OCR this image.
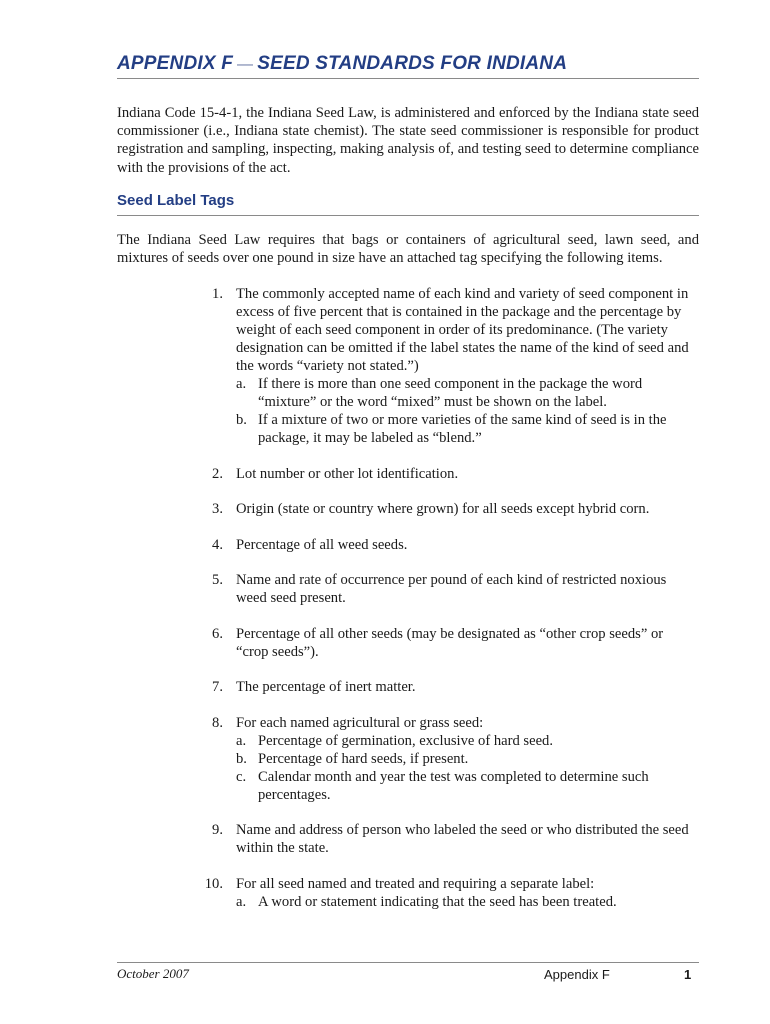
APPENDIX F — SEED STANDARDS FOR INDIANA

Indiana Code 15-4-1, the Indiana Seed Law, is administered and enforced by the Indiana state seed commissioner (i.e., Indiana state chemist). The state seed commissioner is responsible for product registration and sampling, inspecting, making analysis of, and testing seed to determine compliance with the provisions of the act.

Seed Label Tags

The Indiana Seed Law requires that bags or containers of agricultural seed, lawn seed, and mixtures of seeds over one pound in size have an attached tag specifying the following items.

1. The commonly accepted name of each kind and variety of seed component in excess of five percent that is contained in the package and the percentage by weight of each seed component in order of its predominance. (The variety designation can be omitted if the label states the name of the kind of seed and the words “variety not stated.”)
a. If there is more than one seed component in the package the word “mixture” or the word “mixed” must be shown on the label.
b. If a mixture of two or more varieties of the same kind of seed is in the package, it may be labeled as “blend.”
2. Lot number or other lot identification.
3. Origin (state or country where grown) for all seeds except hybrid corn.
4. Percentage of all weed seeds.
5. Name and rate of occurrence per pound of each kind of restricted noxious weed seed present.
6. Percentage of all other seeds (may be designated as “other crop seeds” or “crop seeds”).
7. The percentage of inert matter.
8. For each named agricultural or grass seed:
a. Percentage of germination, exclusive of hard seed.
b. Percentage of hard seeds, if present.
c. Calendar month and year the test was completed to determine such percentages.
9. Name and address of person who labeled the seed or who distributed the seed within the state.
10. For all seed named and treated and requiring a separate label:
a. A word or statement indicating that the seed has been treated.
October 2007	Appendix F	1
